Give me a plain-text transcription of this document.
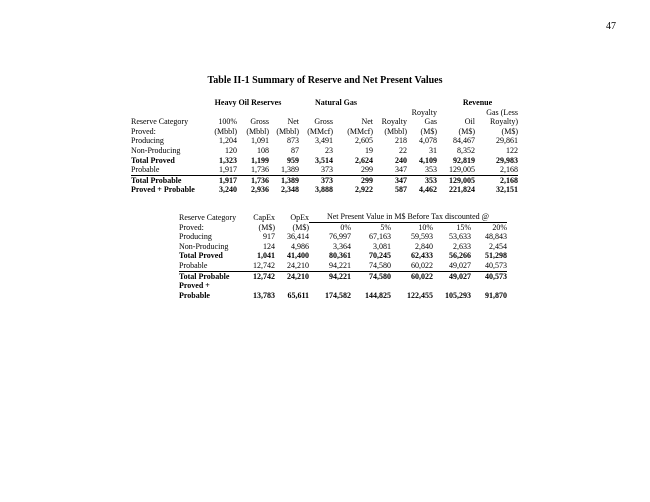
47
Table II-1 Summary of Reserve and Net Present Values
	Heavy Oil Reserves			Natural Gas				Revenue	
							Royalty		Gas (Less
Reserve Category	100%	Gross	Net	Gross	Net	Royalty	Gas	Oil	Royalty)
Proved:	(Mbbl)	(Mbbl)	(Mbbl)	(MMcf)	(MMcf)	(Mbbl)	(M$)	(M$)	(M$)
Producing	1,204	1,091	873	3,491	2,605	218	4,078	84,467	29,861
Non-Producing	120	108	87	23	19	22	31	8,352	122
Total Proved	1,323	1,199	959	3,514	2,624	240	4,109	92,819	29,983
Probable	1,917	1,736	1,389	373	299	347	353	129,005	2,168
Total Probable	1,917	1,736	1,389	373	299	347	353	129,005	2,168
Proved + Probable	3,240	2,936	2,348	3,888	2,922	587	4,462	221,824	32,151
Reserve Category	CapEx	OpEx	Net Present Value in M$ Before Tax discounted @				
Proved:	(M$)	(M$)	0%	5%	10%	15%	20%
Producing	917	36,414	76,997	67,163	59,593	53,633	48,843
Non-Producing	124	4,986	3,364	3,081	2,840	2,633	2,454
Total Proved	1,041	41,400	80,361	70,245	62,433	56,266	51,298
Probable	12,742	24,210	94,221	74,580	60,022	49,027	40,573
Total Probable	12,742	24,210	94,221	74,580	60,022	49,027	40,573
Proved +							
Probable	13,783	65,611	174,582	144,825	122,455	105,293	91,870
